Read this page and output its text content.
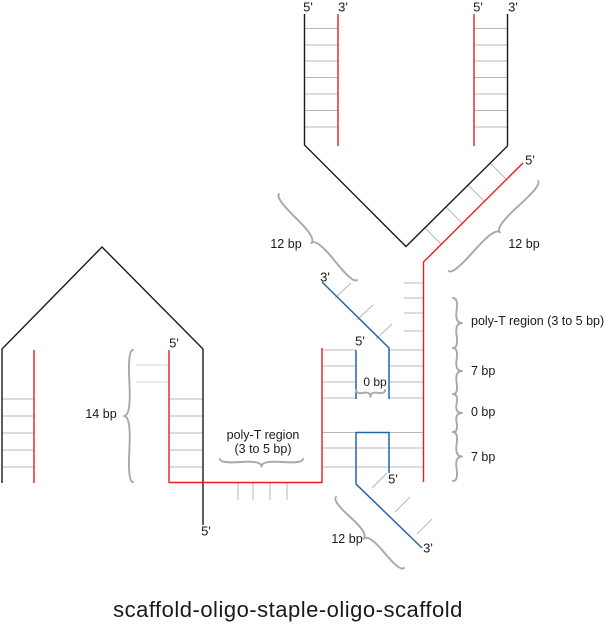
5' 3'	5' 3'
5'
3'
5'
5'
5'
5'
3'
12 bp	12 bp
12 bp
14 bp
poly-T region
(3 to 5 bp)
poly-T region (3 to 5 bp)
7 bp
0 bp
7 bp
0 bp
scaffold-oligo-staple-oligo-scaffold
